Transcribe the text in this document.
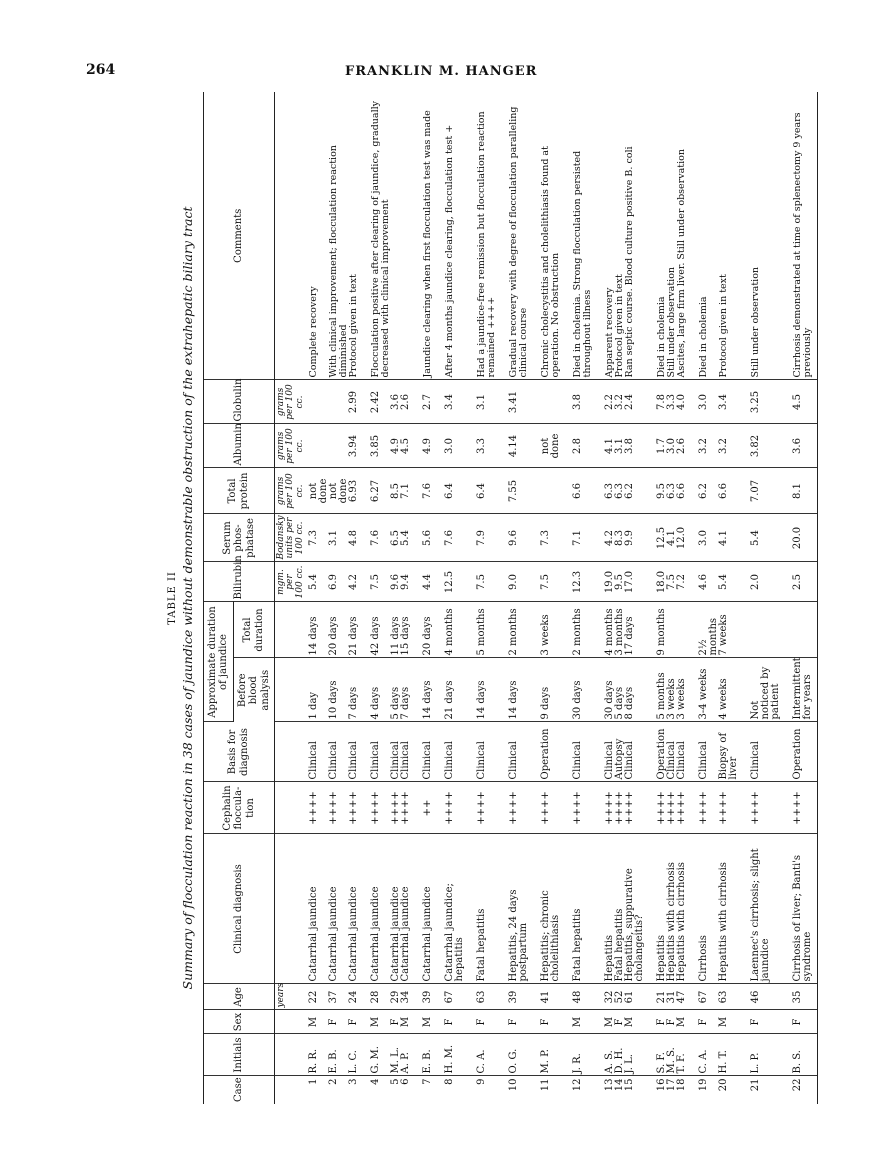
264	FRANKLIN M. HANGER
TABLE II Summary of flocculation reaction in 38 cases of jaundice without demonstrable obstruction of the extrahepatic biliary tract
Case	Initials	Sex	Age	Clinical diagnosis	Cephalin floccula-tion	Basis for diagnosis	Approximate duration of jaundice		Bilirubin	Serum phos-phatase	Total protein	Albumin	Globulin	Comments
							Before blood analysis	Total duration						
			years						mgm. per 100 cc.	Bodansky units per 100 cc.	grams per 100 cc.	grams per 100 cc.	grams per 100 cc.	
1	R. R.	M	22	Catarrhal jaundice	++++	Clinical	1 day	14 days	5.4	7.3	not done			Complete recovery
2	E. B.	F	37	Catarrhal jaundice	++++	Clinical	10 days	20 days	6.9	3.1	not done			With clinical improvement; flocculation reaction diminished
3	L. C.	F	24	Catarrhal jaundice	++++	Clinical	7 days	21 days	4.2	4.8	6.93	3.94	2.99	Protocol given in text
4	G. M.	M	28	Catarrhal jaundice	++++	Clinical	4 days	42 days	7.5	7.6	6.27	3.85	2.42	Flocculation positive after clearing of jaundice, gradually decreased with clinical improvement
5	M. L.	F	29	Catarrhal jaundice	++++	Clinical	5 days	11 days	9.6	6.5	8.5	4.9	3.6	
6	A. P.	M	34	Catarrhal jaundice	++++	Clinical	7 days	15 days	9.4	5.4	7.1	4.5	2.6	
7	E. B.	M	39	Catarrhal jaundice	++	Clinical	14 days	20 days	4.4	5.6	7.6	4.9	2.7	Jaundice clearing when first flocculation test was made
8	H. M.	F	67	Catarrhal jaundice; hepatitis	++++	Clinical	21 days	4 months	12.5	7.6	6.4	3.0	3.4	After 4 months jaundice clearing, flocculation test +
9	C. A.	F	63	Fatal hepatitis	++++	Clinical	14 days	5 months	7.5	7.9	6.4	3.3	3.1	Had a jaundice-free remission but flocculation reaction remained ++++
10	O. G.	F	39	Hepatitis, 24 days postpartum	++++	Clinical	14 days	2 months	9.0	9.6	7.55	4.14	3.41	Gradual recovery with degree of flocculation paralleling clinical course
11	M. P.	F	41	Hepatitis; chronic cholelithiasis	++++	Operation	9 days	3 weeks	7.5	7.3		not done		Chronic cholecystitis and cholelithiasis found at operation. No obstruction
12	J. R.	M	48	Fatal hepatitis	++++	Clinical	30 days	2 months	12.3	7.1	6.6	2.8	3.8	Died in cholemia. Strong flocculation persisted throughout illness
13	A. S.	M	32	Hepatitis	++++	Clinical	30 days	4 months	19.0	4.2	6.3	4.1	2.2	Apparent recovery
14	D. H.	F	52	Fatal hepatitis	++++	Autopsy	5 days	3 months	9.5	8.3	6.3	3.1	3.2	Protocol given in text
15	J. L.	M	61	Hepatitis, suppurative cholangeitis?	++++	Clinical	8 days	17 days	17.0	9.9	6.2	3.8	2.4	Ran septic course. Blood culture positive B. coli
16	S. F.	F	21	Hepatitis	++++	Operation	5 months	9 months	18.0	12.5	9.5	1.7	7.8	Died in cholemia
17	M. S.	F	31	Hepatitis with cirrhosis	++++	Clinical	3 weeks		7.5	4.1	6.3	3.0	3.3	Still under observation
18	T. F.	M	47	Hepatitis with cirrhosis	++++	Clinical	3 weeks		7.2	12.0	6.6	2.6	4.0	Ascites, large firm liver. Still under observation
19	C. A.	F	67	Cirrhosis	++++	Clinical	3-4 weeks	2½ months	4.6	3.0	6.2	3.2	3.0	Died in cholemia
20	H. T.	M	63	Hepatitis with cirrhosis	++++	Biopsy of liver	4 weeks	7 weeks	5.4	4.1	6.6	3.2	3.4	Protocol given in text
21	L. P.	F	46	Laennec's cirrhosis; slight jaundice	++++	Clinical	Not noticed by patient		2.0	5.4	7.07	3.82	3.25	Still under observation
22	B. S.	F	35	Cirrhosis of liver; Banti's syndrome	++++	Operation	Intermittent for years		2.5	20.0	8.1	3.6	4.5	Cirrhosis demonstrated at time of splenectomy 9 years previously
